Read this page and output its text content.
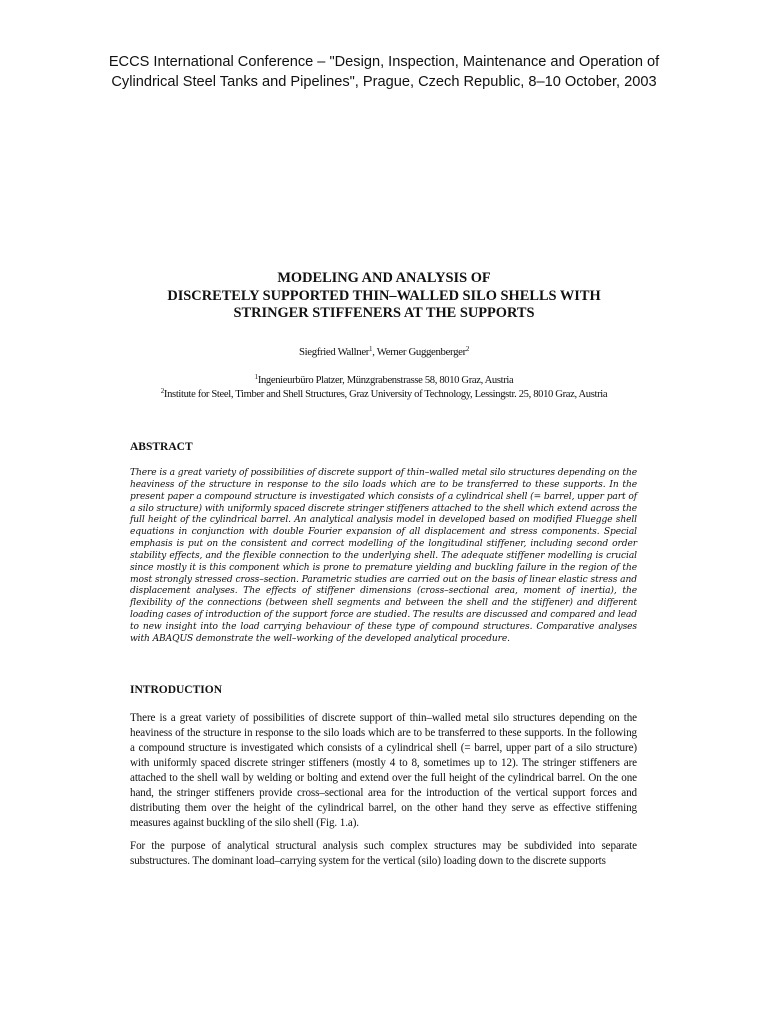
ECCS International Conference – "Design, Inspection, Maintenance and Operation of
Cylindrical Steel Tanks and Pipelines", Prague, Czech Republic, 8–10 October, 2003
MODELING AND ANALYSIS OF
DISCRETELY SUPPORTED THIN–WALLED SILO SHELLS WITH
STRINGER STIFFENERS AT THE SUPPORTS
Siegfried Wallner$^1$, Werner Guggenberger$^2$
$^1$Ingenieurbüro Platzer, Münzgrabenstrasse 58, 8010 Graz, Austria
$^2$Institute for Steel, Timber and Shell Structures, Graz University of Technology, Lessingstr. 25, 8010 Graz, Austria
ABSTRACT

There is a great variety of possibilities of discrete support of thin–walled metal silo structures depending on the heaviness of the structure in response to the silo loads which are to be transferred to these supports. In the present paper a compound structure is investigated which consists of a cylindrical shell (= barrel, upper part of a silo structure) with uniformly spaced discrete stringer stiffeners attached to the shell which extend across the full height of the cylindrical barrel. An analytical analysis model in developed based on modified Fluegge shell equations in conjunction with double Fourier expansion of all displacement and stress components. Special emphasis is put on the consistent and correct modelling of the longitudinal stiffener, including second order stability effects, and the flexible connection to the underlying shell. The adequate stiffener modelling is crucial since mostly it is this component which is prone to premature yielding and buckling failure in the region of the most strongly stressed cross–section. Parametric studies are carried out on the basis of linear elastic stress and displacement analyses. The effects of stiffener dimensions (cross–sectional area, moment of inertia), the flexibility of the connections (between shell segments and between the shell and the stiffener) and different loading cases of introduction of the support force are studied. The results are discussed and compared and lead to new insight into the load carrying behaviour of these type of compound structures. Comparative analyses with ABAQUS demonstrate the well–working of the developed analytical procedure.

INTRODUCTION

There is a great variety of possibilities of discrete support of thin–walled metal silo structures depending on the heaviness of the structure in response to the silo loads which are to be transferred to these supports. In the following a compound structure is investigated which consists of a cylindrical shell (= barrel, upper part of a silo structure) with uniformly spaced discrete stringer stiffeners (mostly 4 to 8, sometimes up to 12). The stringer stiffeners are attached to the shell wall by welding or bolting and extend over the full height of the cylindrical barrel. On the one hand, the stringer stiffeners provide cross–sectional area for the introduction of the vertical support forces and distributing them over the height of the cylindrical barrel, on the other hand they serve as effective stiffening measures against buckling of the silo shell (Fig. 1.a).

For the purpose of analytical structural analysis such complex structures may be subdivided into separate substructures. The dominant load–carrying system for the vertical (silo) loading down to the discrete supports
